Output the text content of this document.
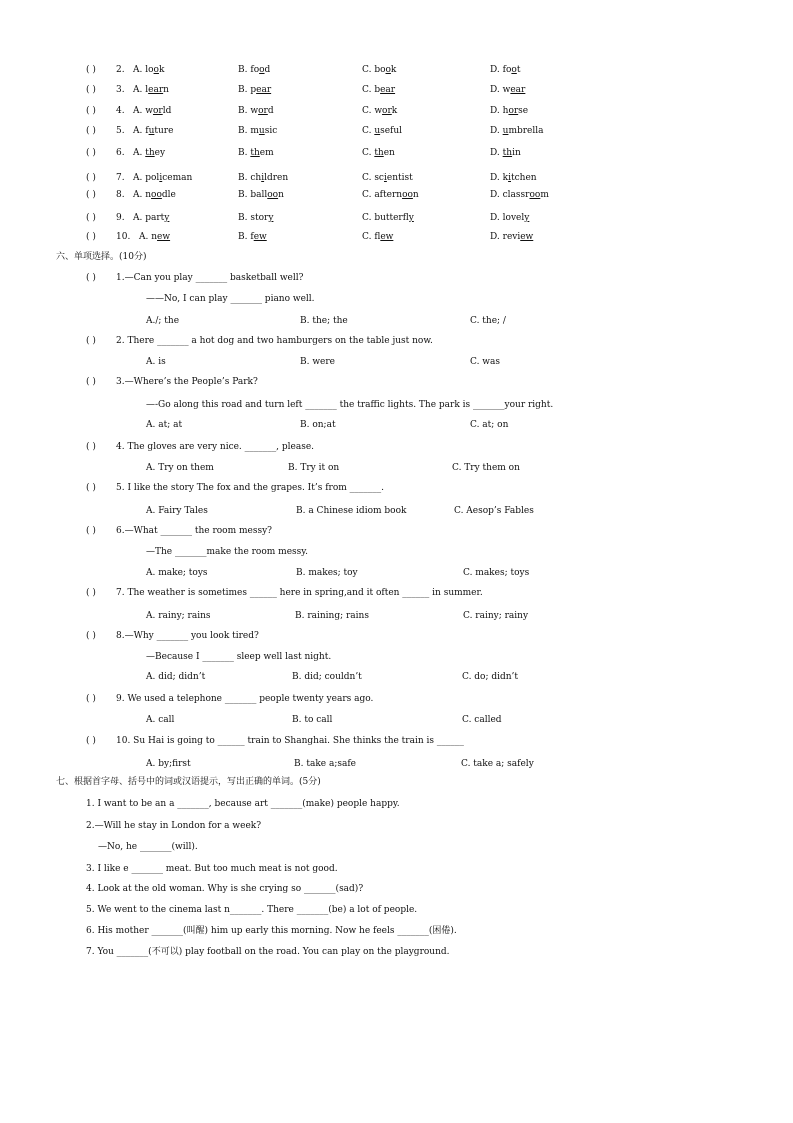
( ) 2. A. look	B. food	C. book	D. foot
( ) 3. A. learn	B. pear	C. bear	D. wear
( ) 4. A. world	B. word	C. work	D. horse
( ) 5. A. future	B. music	C. useful	D. umbrella
( ) 6. A. they	B. them	C. then	D. thin
( ) 7. A. policeman	B. children	C. scientist	D. kitchen
( ) 8. A. noodle	B. balloon	C. afternoon	D. classroom
( ) 9. A. party	B. story	C. butterfly	D. lovely
( ) 10. A. new	B. few	C. flew	D. review
六、单项选择。(10分)
( ) 1.—Can you play _______ basketball well?
——No, I can play _______ piano well.
A./; the	B. the; the	C. the; /
( ) 2. There _______ a hot dog and two hamburgers on the table just now.
A. is	B. were	C. was
( ) 3.—Where’s the People’s Park?
—-Go along this road and turn left _______ the traffic lights. The park is _______your right.
A. at; at	B. on;at	C. at; on
( ) 4. The gloves are very nice. _______, please.
A. Try on them	B. Try it on	C. Try them on
( ) 5. I like the story The fox and the grapes. It’s from _______.
A. Fairy Tales	B. a Chinese idiom book	C. Aesop’s Fables
( ) 6.—What _______ the room messy?
—The _______make the room messy.
A. make; toys	B. makes; toy	C. makes; toys
( ) 7. The weather is sometimes ______ here in spring,and it often ______ in summer.
A. rainy; rains	B. raining; rains	C. rainy; rainy
( ) 8.—Why _______ you look tired?
—Because I _______ sleep well last night.
A. did; didn’t	B. did; couldn’t	C. do; didn’t
( ) 9. We used a telephone _______ people twenty years ago.
A. call	B. to call	C. called
( ) 10. Su Hai is going to ______ train to Shanghai. She thinks the train is ______
A. by;first	B. take a;safe	C. take a; safely
七、根据首字母、括号中的词或汉语提示，写出正确的单词。(5分)
1. I want to be an a _______, because art _______(make) people happy.
2.—Will he stay in London for a week?
—No, he _______(will).
3. I like e _______ meat. But too much meat is not good.
4. Look at the old woman. Why is she crying so _______(sad)?
5. We went to the cinema last n_______. There _______(be) a lot of people.
6. His mother _______(叫醒) him up early this morning. Now he feels _______(困倦).
7. You _______(不可以) play football on the road. You can play on the playground.
